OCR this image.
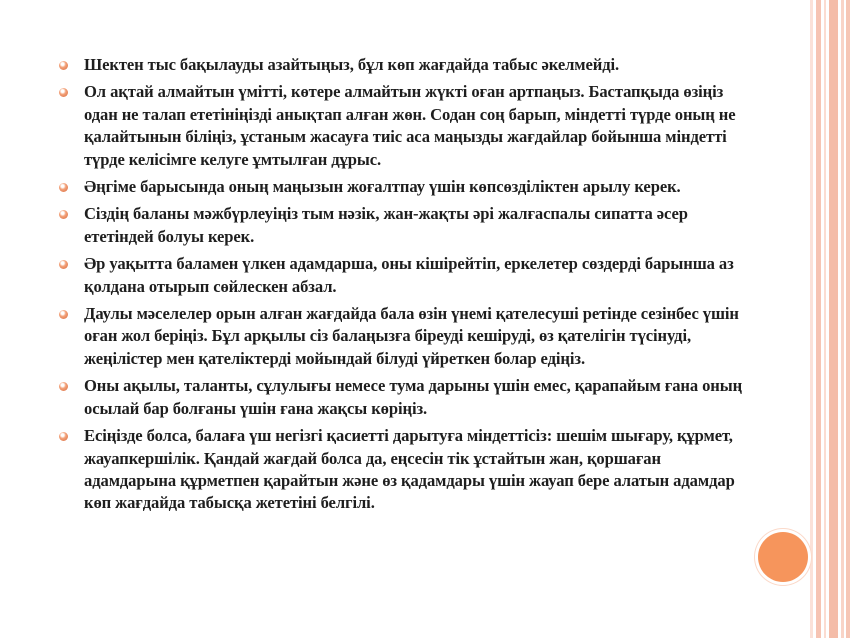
Шектен тыс бақылауды азайтыңыз, бұл көп жағдайда табыс әкелмейді.
Ол ақтай алмайтын үмітті, көтере алмайтын жүкті оған артпаңыз. Бастапқыда өзіңіз одан не талап ететініңізді анықтап алған жөн. Содан соң барып, міндетті түрде оның не қалайтынын біліңіз, ұстаным жасауға тиіс аса маңызды жағдайлар бойынша міндетті түрде келісімге келуге ұмтылған дұрыс.
Әңгіме барысында оның маңызын жоғалтпау үшін көпсөзділіктен арылу керек.
Сіздің баланы мәжбүрлеуіңіз тым нәзік, жан-жақты әрі жалғаспалы сипатта әсер ететіндей болуы керек.
Әр уақытта баламен үлкен адамдарша, оны кішірейтіп, еркелетер сөздерді барынша аз қолдана отырып сөйлескен абзал.
Даулы мәселелер орын алған жағдайда бала өзін үнемі қателесуші ретінде сезінбес үшін оған жол беріңіз. Бұл арқылы сіз балаңызға біреуді кешіруді, өз қателігін түсінуді, жеңілістер мен қателіктерді мойындай білуді үйреткен болар едіңіз.
Оны ақылы, таланты, сұлулығы немесе тума дарыны үшін емес, қарапайым ғана оның осылай бар болғаны үшін ғана жақсы көріңіз.
Есіңізде болса, балаға үш негізгі қасиетті дарытуға міндеттісіз: шешім шығару, құрмет, жауапкершілік. Қандай жағдай болса да, еңсесін тік ұстайтын жан, қоршаған адамдарына құрметпен қарайтын және өз қадамдары үшін жауап бере алатын адамдар көп жағдайда табысқа жететіні белгілі.
